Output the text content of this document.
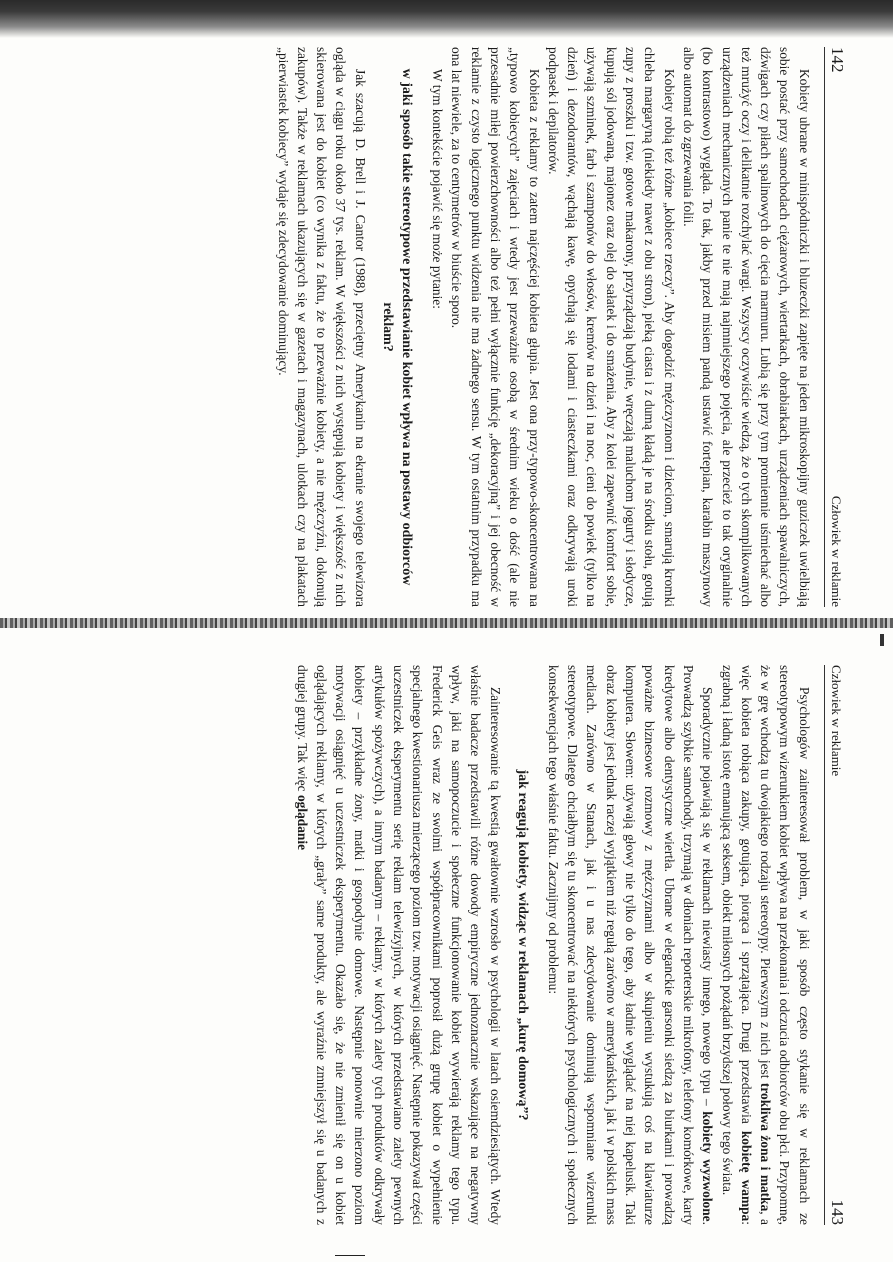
142
Człowiek w reklamie

Kobiety ubrane w minispódniczki i bluzeczki zapięte na jeden mikroskopijny guziczek uwielbiają sobie postać przy samochodach ciężarowych, wiertarkach, obrabiarkach, urządzeniach spawalniczych, dźwigach czy piłach spalinowych do cięcia marmuru. Lubią się przy tym promiennie uśmiechać albo też mrużyć oczy i delikatnie rozchylać wargi. Wszyscy oczywiście wiedzą, że o tych skomplikowanych urządzeniach mechanicznych panie te nie mają najmniejszego pojęcia, ale przecież to tak oryginalnie (bo kontrastowo) wygląda. To tak, jakby przed misiem pandą ustawić fortepian, karabin maszynowy albo automat do zgrzewania folii.

Kobiety robią też różne „kobiece rzeczy”. Aby dogodzić mężczyznom i dzieciom, smarują kromki chleba margaryną (niekiedy nawet z obu stron), pieką ciasta i z dumą kładą je na środku stołu, gotują zupy z proszku i tzw. gotowe makarony, przyrządzają budynie, wręczają maluchom jogurty i słodycze, kupują sól jodowaną, majonez oraz olej do sałatek i do smażenia. Aby z kolei zapewnić komfort sobie, używają szminek, farb i szamponów do włosów, kremów na dzień i na noc, cieni do powiek (tylko na dzień) i dezodorantów, wąchają kawę, opychają się lodami i ciasteczkami oraz odkrywają uroki podpasek i depilatorów.

Kobieta z reklamy to zatem najczęściej kobieta głupia. Jest ona przy-typowo-skoncentrowana na „typowo kobiecych” zajęciach i wtedy jest przeważnie osobą w średnim wieku o dość (ale nie przesadnie miłej powierzchowności albo też pełni wyłącznie funkcję „dekoracyjną” i jej obecność w reklamie z czysto logicznego punktu widzenia nie ma żadnego sensu. W tym ostatnim przypadku ma ona lat niewiele, za to centymetrów w biuście sporo.

W tym kontekście pojawić się może pytanie:

w jaki sposób takie stereotypowe przedstawianie kobiet wpływa na postawy odbiorców reklam?

Jak szacują D. Brell i J. Cantor (1988), przeciętny Amerykanin na ekranie swojego telewizora ogląda w ciągu roku około 37 tys. reklam. W większości z nich występują kobiety i większość z nich skierowana jest do kobiet (co wynika z faktu, że to przeważnie kobiety, a nie mężczyźni, dokonują zakupów). Także w reklamach ukazujących się w gazetach i magazynach, ulotkach czy na plakatach „pierwiastek kobiecy” wydaje się zdecydowanie dominujący.

Człowiek w reklamie
143

Psychologów zainteresował problem, w jaki sposób często stykanie się w reklamach ze stereotypowym wizerunkiem kobiet wpływa na przekonania i odczucia odbiorców obu płci. Przypomnę, że w grę wchodzą tu dwojakiego rodzaju stereotypy. Pierwszym z nich jest trokliwa żona i matka, a więc kobieta robiąca zakupy, gotująca, piorąca i sprzątająca. Drugi przedstawia kobietę wampa: zgrabną i ładną istotę emanującą seksem, obiekt miłosnych pożądań brzydszej połowy tego świata.

Sporadycznie pojawiają się w reklamach niewiasty innego, nowego typu – kobiety wyzwolone. Prowadzą szybkie samochody, trzymają w dłoniach reporterskie mikrofony, telefony komórkowe, karty kredytowe albo dentystyczne wiertła. Ubrane w eleganckie garsonki siedzą za biurkami i prowadzą poważne biznesowe rozmowy z mężczyznami albo w skupieniu wystukują coś na klawiaturze komputera. Słowem: używają głowy nie tylko do tego, aby ładnie wyglądać na niej kapelusik. Taki obraz kobiety jest jednak raczej wyjątkiem niż regułą zarówno w amerykańskich, jak i w polskich mass mediach. Zarówno w Stanach, jak i u nas zdecydowanie dominują wspomniane wizerunki stereotypowe. Dlatego chciałbym się tu skoncentrować na niektórych psychologicznych i społecznych konsekwencjach tego właśnie faktu. Zacznijmy od problemu:

jak reagują kobiety, widząc w reklamach „kurę domową”?

Zainteresowanie tą kwestią gwałtownie wzrosło w psychologii w latach osiemdziesiątych. Wtedy właśnie badacze przedstawili różne dowody empiryczne jednoznacznie wskazujące na negatywny wpływ, jaki na samopoczucie i społeczne funkcjonowanie kobiet wywierają reklamy tego typu. Frederick Geis wraz ze swoimi współpracownikami poprosił dużą grupę kobiet o wypełnienie specjalnego kwestionariusza mierzącego poziom tzw. motywacji osiągnięć. Następnie pokazywał części uczestniczek eksperymentu serię reklam telewizyjnych, w których przedstawiano zalety pewnych artykułów spożywczych), a innym badanym – reklamy, w których zalety tych produktów odkrywały kobiety – przykładne żony, matki i gospodynie domowe. Następnie ponownie mierzono poziom motywacji osiągnięć u uczestniczek eksperymentu. Okazało się, że nie zmienił się on u kobiet oglądających reklamy, w których „grały” same produkty, ale wyraźnie zmniejszył się u badanych z drugiej grupy. Tak więc oglądanie
